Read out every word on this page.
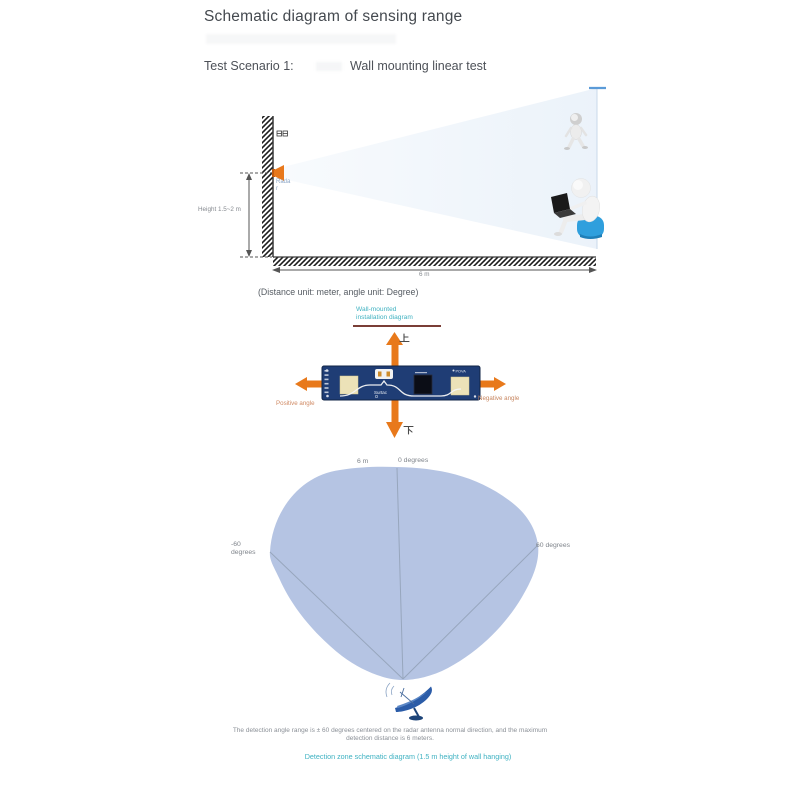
Schematic diagram of sensing range
Test Scenario 1:	Wall mounting linear test
Surtac
POVA
Radar
Height 1.5~2 m
6 m
(Distance unit: meter, angle unit: Degree)
Wall-mounted
installation diagram
Positive angle
Negative angle
6 m	0 degrees
-60
degrees
60 degrees
The detection angle range is ± 60 degrees centered on the radar antenna normal direction, and the maximum
detection distance is 6 meters.
Detection zone schematic diagram (1.5 m height of wall hanging)
